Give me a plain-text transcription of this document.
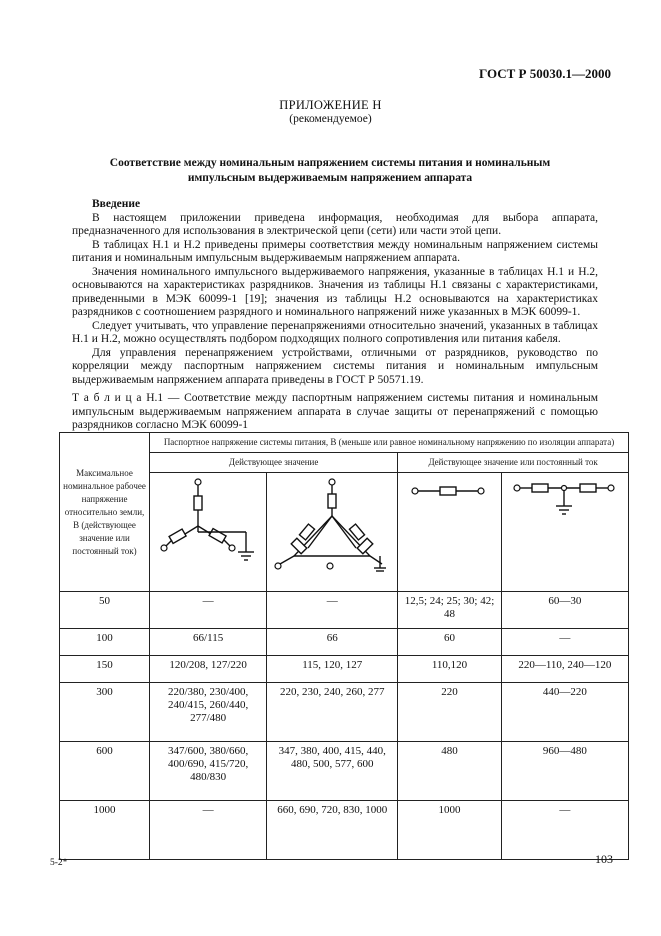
ГОСТ Р 50030.1—2000
ПРИЛОЖЕНИЕ Н
(рекомендуемое)
Соответствие между номинальным напряжением системы питания и номинальным импульсным выдерживаемым напряжением аппарата

Введение

В настоящем приложении приведена информация, необходимая для выбора аппарата, предназначенного для использования в электрической цепи (сети) или части этой цепи.

В таблицах Н.1 и Н.2 приведены примеры соответствия между номинальным напряжением системы питания и номинальным импульсным выдерживаемым напряжением аппарата.

Значения номинального импульсного выдерживаемого напряжения, указанные в таблицах Н.1 и Н.2, основываются на характеристиках разрядников. Значения из таблицы Н.1 связаны с характеристиками, приведенными в МЭК 60099-1 [19]; значения из таблицы Н.2 основываются на характеристиках разрядников с соотношением разрядного и номинального напряжений ниже указанных в МЭК 60099-1.

Следует учитывать, что управление перенапряжениями относительно значений, указанных в таблицах Н.1 и Н.2, можно осуществлять подбором подходящих полного сопротивления или питания кабеля.

Для управления перенапряжением устройствами, отличными от разрядников, руководство по корреляции между паспортным напряжением системы питания и номинальным импульсным выдерживаемым напряжением аппарата приведены в ГОСТ Р 50571.19.

Т а б л и ц а Н.1 — Соответствие между паспортным напряжением системы питания и номинальным импульсным выдерживаемым напряжением аппарата в случае защиты от перенапряжений с помощью разрядников согласно МЭК 60099-1
Максимальное номинальное рабочее напряжение относительно земли, В (действующее значение или постоянный ток)	Паспортное напряжение системы питания, В (меньше или равное номинальному напряжению по изоляции аппарата)			
	Действующее значение		Действующее значение или постоянный ток	

50	—	—	12,5; 24; 25; 30; 42; 48	60—30
100	66/115	66	60	—
150	120/208, 127/220	115, 120, 127	110,120	220—110, 240—120
300	220/380, 230/400, 240/415, 260/440, 277/480	220, 230, 240, 260, 277	220	440—220
600	347/600, 380/660, 400/690, 415/720, 480/830	347, 380, 400, 415, 440, 480, 500, 577, 600	480	960—480
1000	—	660, 690, 720, 830, 1000	1000	—
5-2*	103
